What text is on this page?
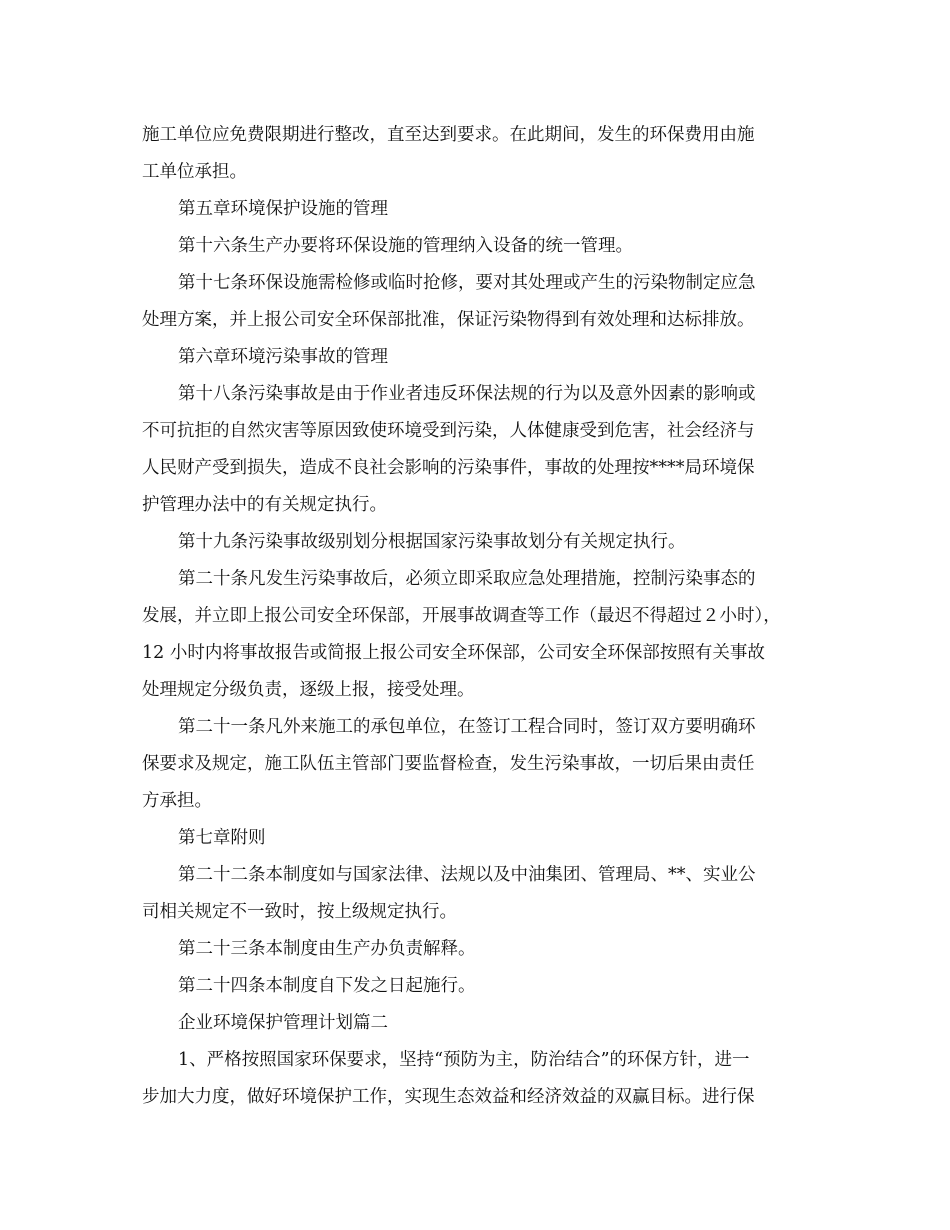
施工单位应免费限期进行整改，直至达到要求。在此期间，发生的环保费用由施
工单位承担。
第五章环境保护设施的管理
第十六条生产办要将环保设施的管理纳入设备的统一管理。
第十七条环保设施需检修或临时抢修，要对其处理或产生的污染物制定应急
处理方案，并上报公司安全环保部批准，保证污染物得到有效处理和达标排放。
第六章环境污染事故的管理
第十八条污染事故是由于作业者违反环保法规的行为以及意外因素的影响或
不可抗拒的自然灾害等原因致使环境受到污染，人体健康受到危害，社会经济与
人民财产受到损失，造成不良社会影响的污染事件，事故的处理按****局环境保
护管理办法中的有关规定执行。
第十九条污染事故级别划分根据国家污染事故划分有关规定执行。
第二十条凡发生污染事故后，必须立即采取应急处理措施，控制污染事态的
发展，并立即上报公司安全环保部，开展事故调查等工作（最迟不得超过２小时），
12 小时内将事故报告或简报上报公司安全环保部，公司安全环保部按照有关事故
处理规定分级负责，逐级上报，接受处理。
第二十一条凡外来施工的承包单位，在签订工程合同时，签订双方要明确环
保要求及规定，施工队伍主管部门要监督检查，发生污染事故，一切后果由责任
方承担。
第七章附则
第二十二条本制度如与国家法律、法规以及中油集团、管理局、**、实业公
司相关规定不一致时，按上级规定执行。
第二十三条本制度由生产办负责解释。
第二十四条本制度自下发之日起施行。
企业环境保护管理计划篇二
1、严格按照国家环保要求，坚持“预防为主，防治结合”的环保方针，进一
步加大力度，做好环境保护工作，实现生态效益和经济效益的双赢目标。进行保
